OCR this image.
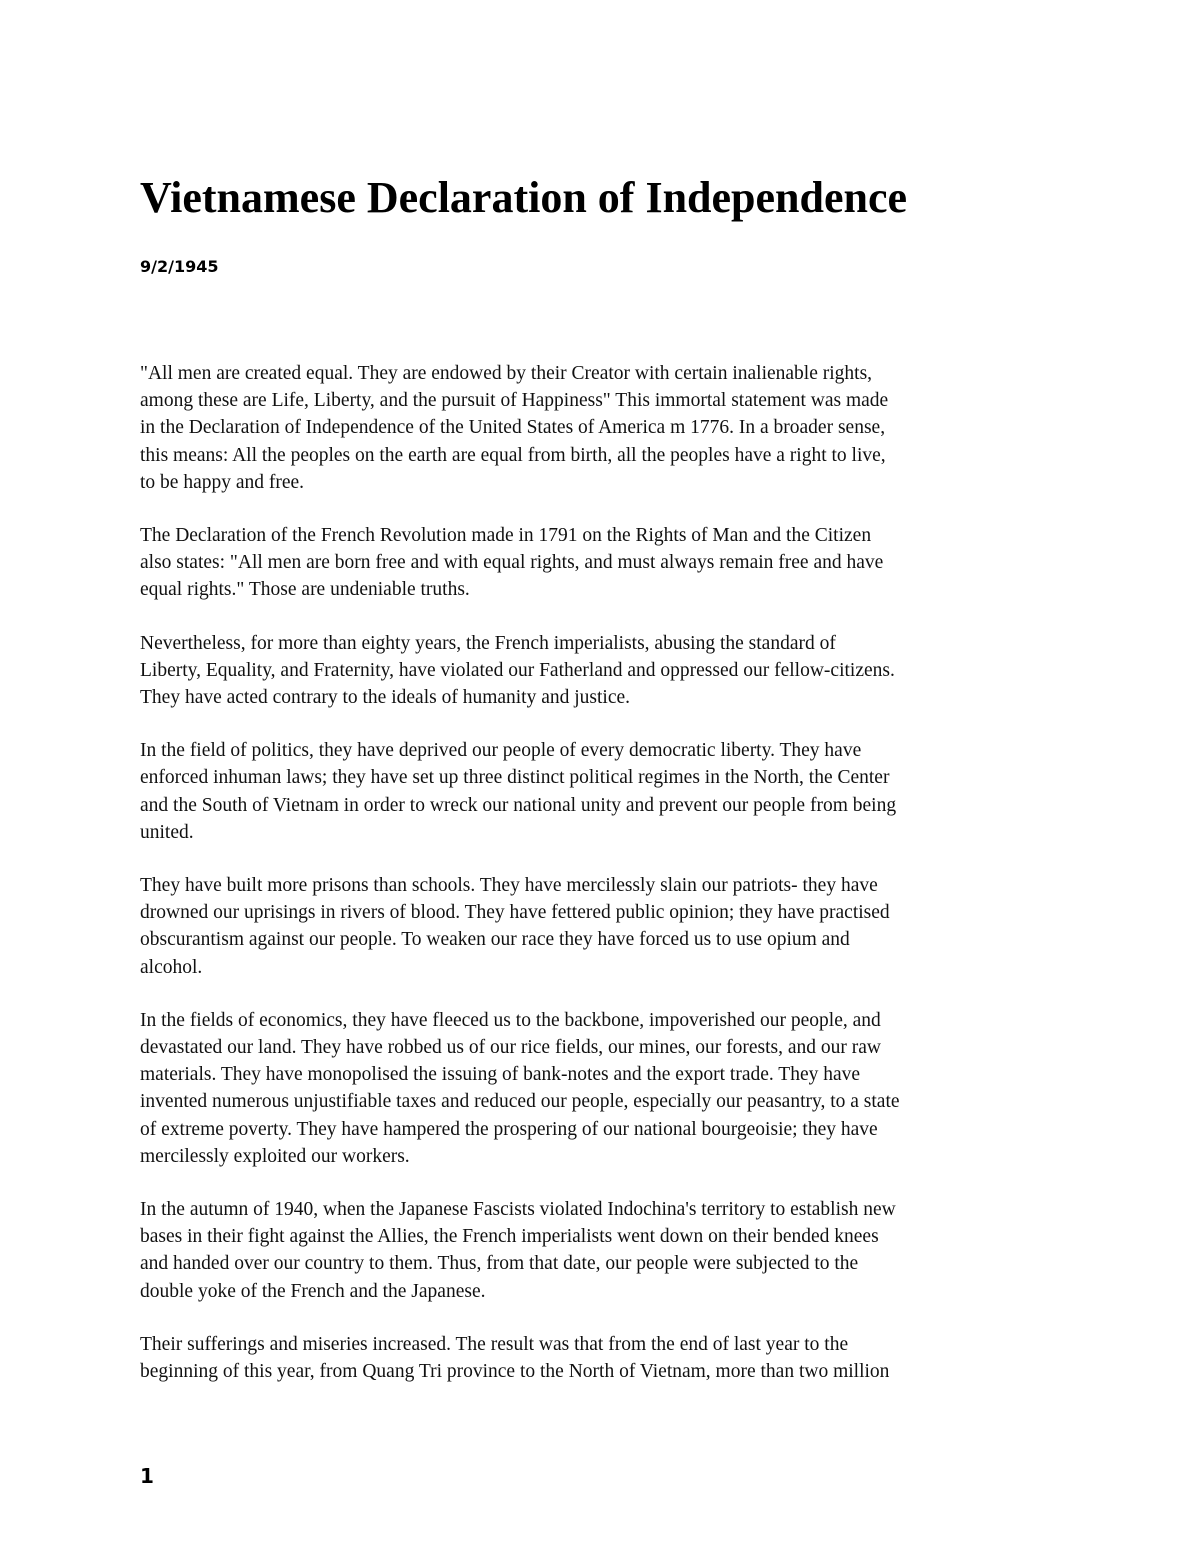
Vietnamese Declaration of Independence

9/2/1945

"All men are created equal. They are endowed by their Creator with certain inalienable rights,
among these are Life, Liberty, and the pursuit of Happiness" This immortal statement was made
in the Declaration of Independence of the United States of America m 1776. In a broader sense,
this means: All the peoples on the earth are equal from birth, all the peoples have a right to live,
to be happy and free.

The Declaration of the French Revolution made in 1791 on the Rights of Man and the Citizen
also states: "All men are born free and with equal rights, and must always remain free and have
equal rights." Those are undeniable truths.

Nevertheless, for more than eighty years, the French imperialists, abusing the standard of
Liberty, Equality, and Fraternity, have violated our Fatherland and oppressed our fellow-citizens.
They have acted contrary to the ideals of humanity and justice.

In the field of politics, they have deprived our people of every democratic liberty. They have
enforced inhuman laws; they have set up three distinct political regimes in the North, the Center
and the South of Vietnam in order to wreck our national unity and prevent our people from being
united.

They have built more prisons than schools. They have mercilessly slain our patriots- they have
drowned our uprisings in rivers of blood. They have fettered public opinion; they have practised
obscurantism against our people. To weaken our race they have forced us to use opium and
alcohol.

In the fields of economics, they have fleeced us to the backbone, impoverished our people, and
devastated our land. They have robbed us of our rice fields, our mines, our forests, and our raw
materials. They have monopolised the issuing of bank-notes and the export trade. They have
invented numerous unjustifiable taxes and reduced our people, especially our peasantry, to a state
of extreme poverty. They have hampered the prospering of our national bourgeoisie; they have
mercilessly exploited our workers.

In the autumn of 1940, when the Japanese Fascists violated Indochina's territory to establish new
bases in their fight against the Allies, the French imperialists went down on their bended knees
and handed over our country to them. Thus, from that date, our people were subjected to the
double yoke of the French and the Japanese.

Their sufferings and miseries increased. The result was that from the end of last year to the
beginning of this year, from Quang Tri province to the North of Vietnam, more than two million

1
